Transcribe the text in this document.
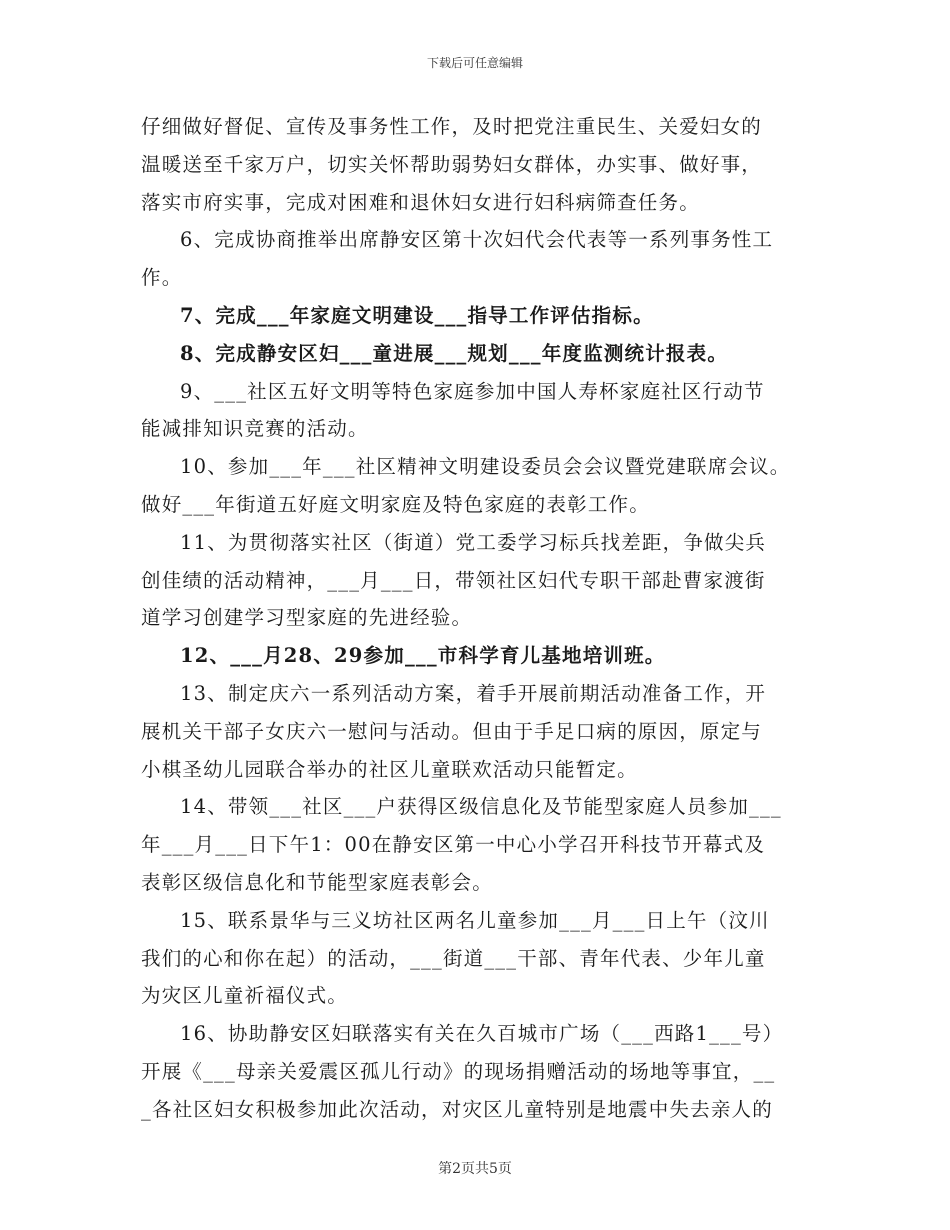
下载后可任意编辑

仔细做好督促、宣传及事务性工作，及时把党注重民生、关爱妇女的
温暖送至千家万户，切实关怀帮助弱势妇女群体，办实事、做好事，
落实市府实事，完成对困难和退休妇女进行妇科病筛查任务。

6、完成协商推举出席静安区第十次妇代会代表等一系列事务性工
作。

7、完成___年家庭文明建设___指导工作评估指标。

8、完成静安区妇___童进展___规划___年度监测统计报表。

9、___社区五好文明等特色家庭参加中国人寿杯家庭社区行动节
能减排知识竞赛的活动。

10、参加___年___社区精神文明建设委员会会议暨党建联席会议。
做好___年街道五好庭文明家庭及特色家庭的表彰工作。

11、为贯彻落实社区（街道）党工委学习标兵找差距，争做尖兵
创佳绩的活动精神，___月___日，带领社区妇代专职干部赴曹家渡街
道学习创建学习型家庭的先进经验。

12、___月28、29参加___市科学育儿基地培训班。

13、制定庆六一系列活动方案，着手开展前期活动准备工作，开
展机关干部子女庆六一慰问与活动。但由于手足口病的原因，原定与
小棋圣幼儿园联合举办的社区儿童联欢活动只能暂定。

14、带领___社区___户获得区级信息化及节能型家庭人员参加___
年___月___日下午1：00在静安区第一中心小学召开科技节开幕式及
表彰区级信息化和节能型家庭表彰会。

15、联系景华与三义坊社区两名儿童参加___月___日上午（汶川
我们的心和你在起）的活动，___街道___干部、青年代表、少年儿童
为灾区儿童祈福仪式。

16、协助静安区妇联落实有关在久百城市广场（___西路1___号）
开展《___母亲关爱震区孤儿行动》的现场捐赠活动的场地等事宜，__
_各社区妇女积极参加此次活动，对灾区儿童特别是地震中失去亲人的

第2页共5页
